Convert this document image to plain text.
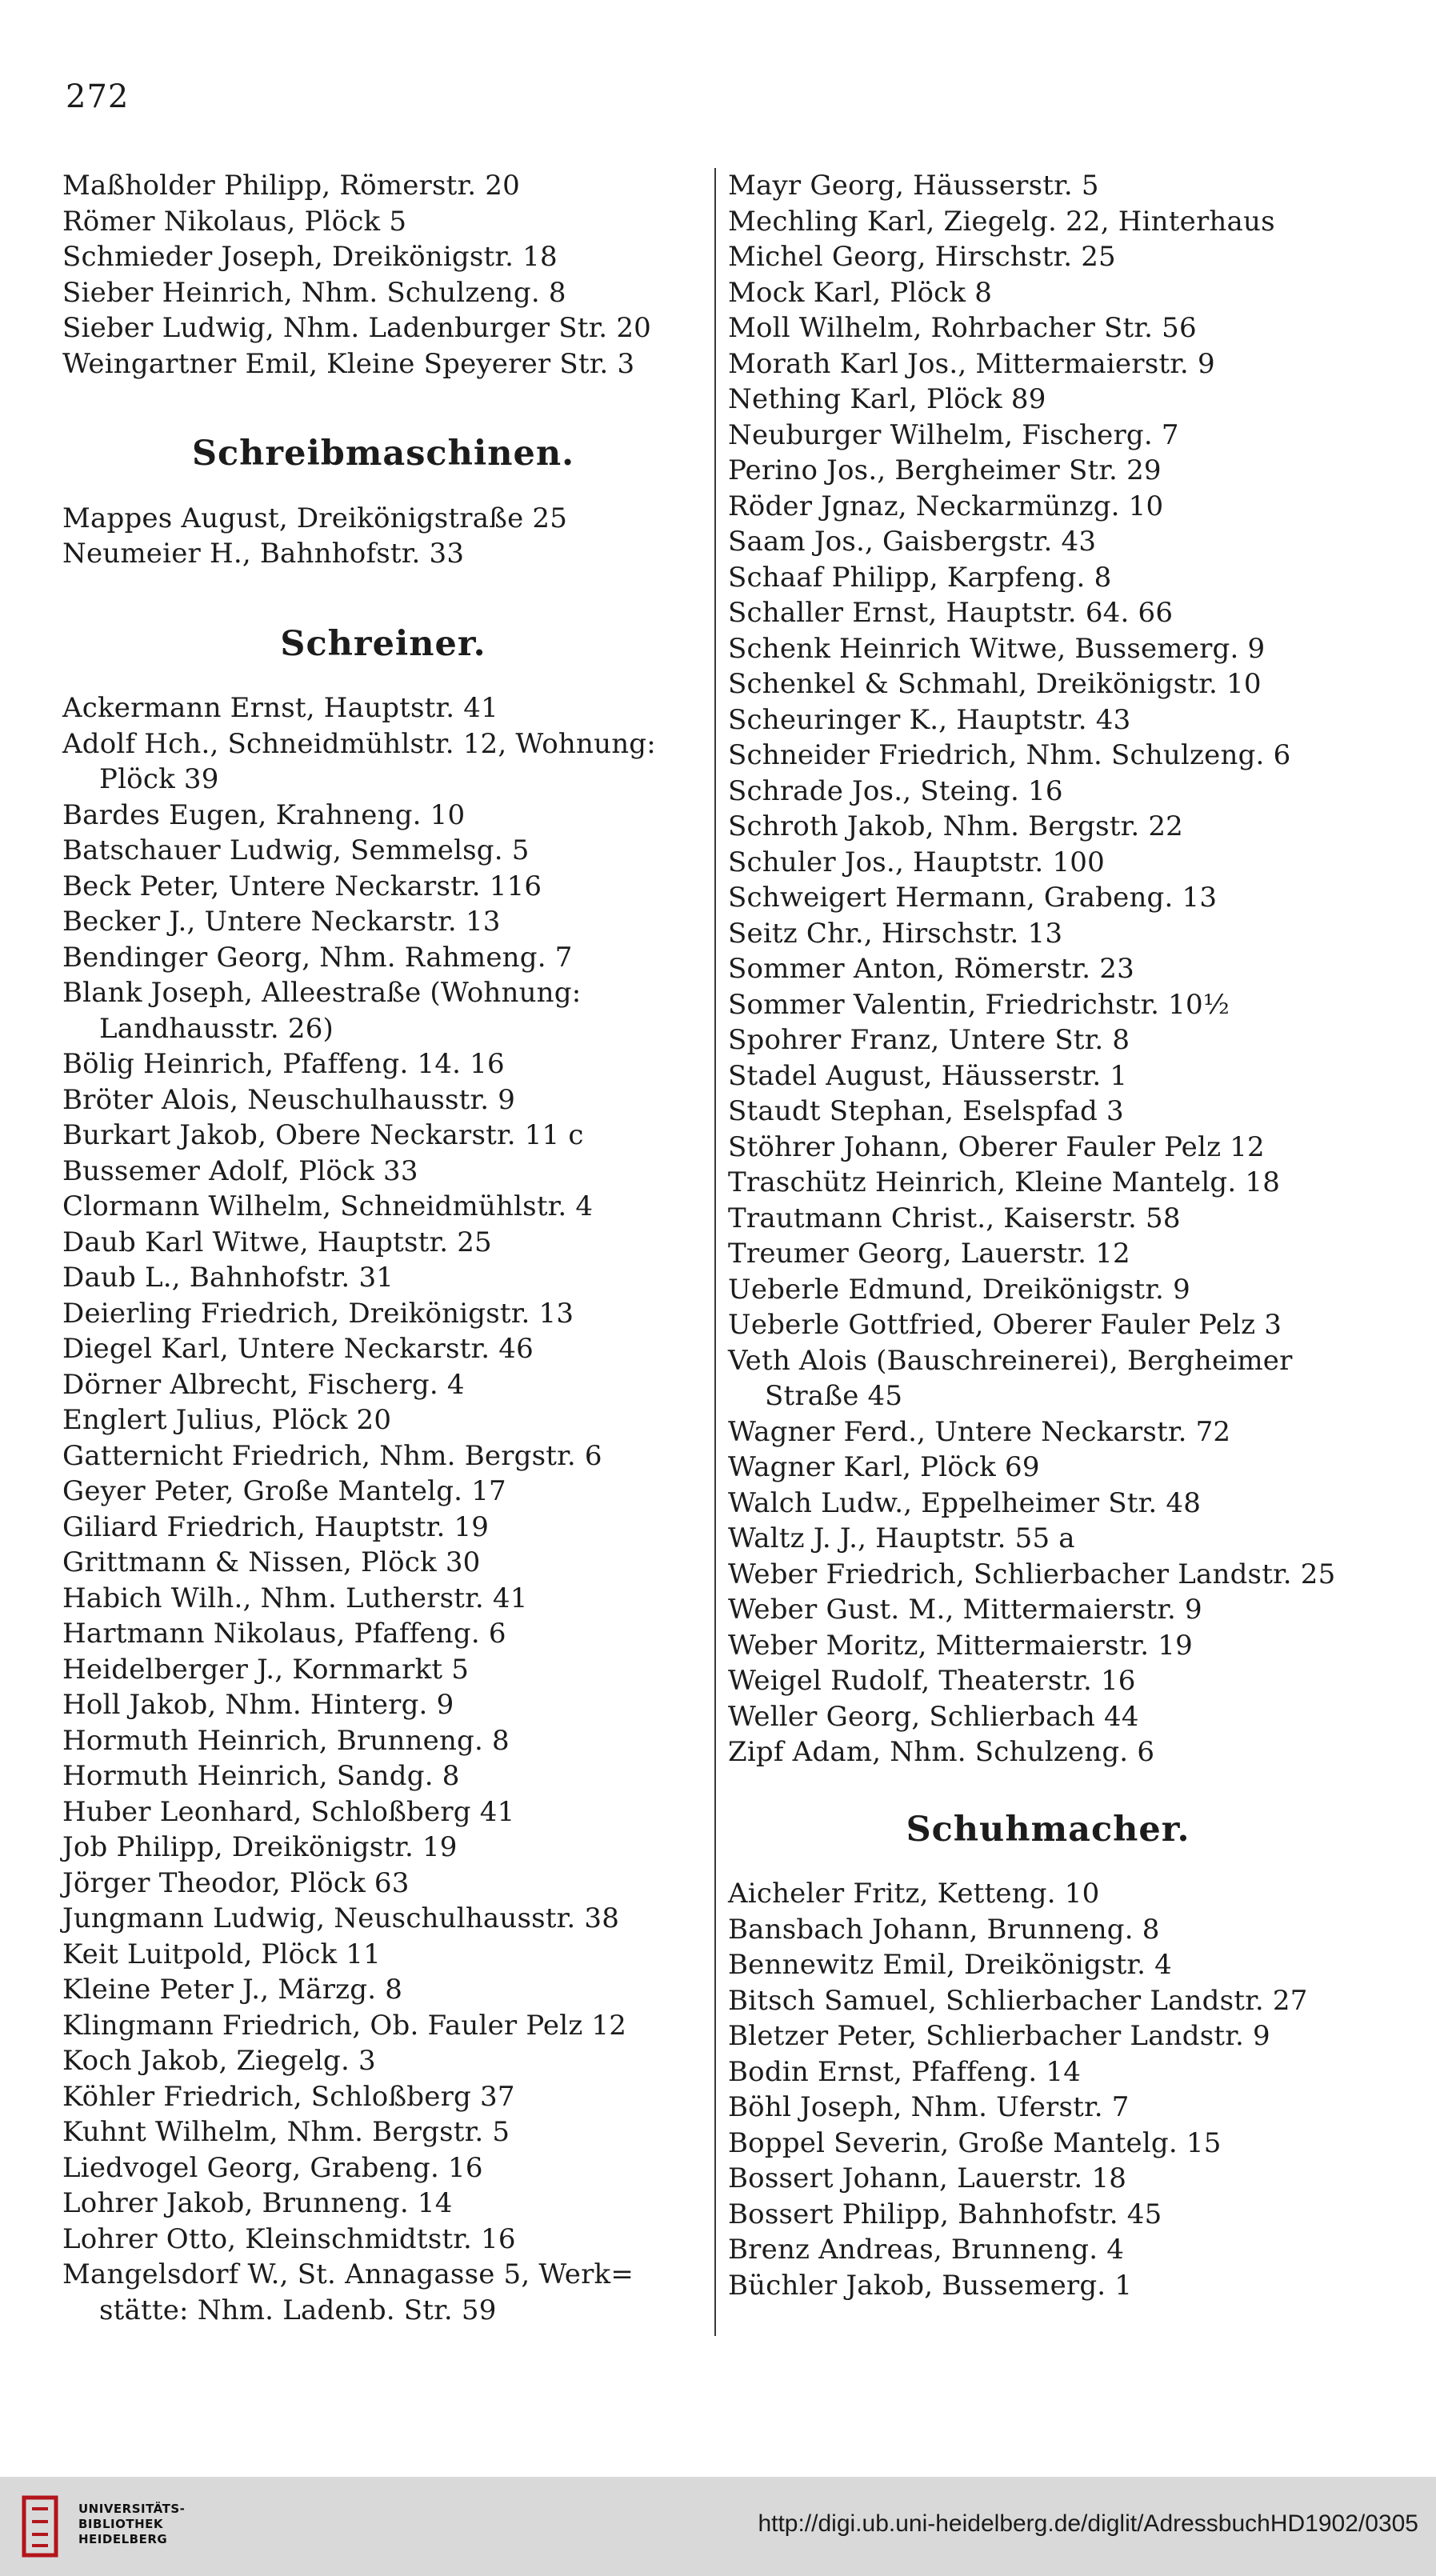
272
Maßholder Philipp, Römerstr. 20
Römer Nikolaus, Plöck 5
Schmieder Joseph, Dreikönigstr. 18
Sieber Heinrich, Nhm. Schulzeng. 8
Sieber Ludwig, Nhm. Ladenburger Str. 20
Weingartner Emil, Kleine Speyerer Str. 3
Schreibmaschinen.
Mappes August, Dreikönigstraße 25
Neumeier H., Bahnhofstr. 33
Schreiner.
Ackermann Ernst, Hauptstr. 41
Adolf Hch., Schneidmühlstr. 12, Wohnung:
Plöck 39
Bardes Eugen, Krahneng. 10
Batschauer Ludwig, Semmelsg. 5
Beck Peter, Untere Neckarstr. 116
Becker J., Untere Neckarstr. 13
Bendinger Georg, Nhm. Rahmeng. 7
Blank Joseph, Alleestraße (Wohnung:
Landhausstr. 26)
Bölig Heinrich, Pfaffeng. 14. 16
Bröter Alois, Neuschulhausstr. 9
Burkart Jakob, Obere Neckarstr. 11 c
Bussemer Adolf, Plöck 33
Clormann Wilhelm, Schneidmühlstr. 4
Daub Karl Witwe, Hauptstr. 25
Daub L., Bahnhofstr. 31
Deierling Friedrich, Dreikönigstr. 13
Diegel Karl, Untere Neckarstr. 46
Dörner Albrecht, Fischerg. 4
Englert Julius, Plöck 20
Gatternicht Friedrich, Nhm. Bergstr. 6
Geyer Peter, Große Mantelg. 17
Giliard Friedrich, Hauptstr. 19
Grittmann & Nissen, Plöck 30
Habich Wilh., Nhm. Lutherstr. 41
Hartmann Nikolaus, Pfaffeng. 6
Heidelberger J., Kornmarkt 5
Holl Jakob, Nhm. Hinterg. 9
Hormuth Heinrich, Brunneng. 8
Hormuth Heinrich, Sandg. 8
Huber Leonhard, Schloßberg 41
Job Philipp, Dreikönigstr. 19
Jörger Theodor, Plöck 63
Jungmann Ludwig, Neuschulhausstr. 38
Keit Luitpold, Plöck 11
Kleine Peter J., Märzg. 8
Klingmann Friedrich, Ob. Fauler Pelz 12
Koch Jakob, Ziegelg. 3
Köhler Friedrich, Schloßberg 37
Kuhnt Wilhelm, Nhm. Bergstr. 5
Liedvogel Georg, Grabeng. 16
Lohrer Jakob, Brunneng. 14
Lohrer Otto, Kleinschmidtstr. 16
Mangelsdorf W., St. Annagasse 5, Werk=
stätte: Nhm. Ladenb. Str. 59
Mayr Georg, Häusserstr. 5
Mechling Karl, Ziegelg. 22, Hinterhaus
Michel Georg, Hirschstr. 25
Mock Karl, Plöck 8
Moll Wilhelm, Rohrbacher Str. 56
Morath Karl Jos., Mittermaierstr. 9
Nething Karl, Plöck 89
Neuburger Wilhelm, Fischerg. 7
Perino Jos., Bergheimer Str. 29
Röder Jgnaz, Neckarmünzg. 10
Saam Jos., Gaisbergstr. 43
Schaaf Philipp, Karpfeng. 8
Schaller Ernst, Hauptstr. 64. 66
Schenk Heinrich Witwe, Bussemerg. 9
Schenkel & Schmahl, Dreikönigstr. 10
Scheuringer K., Hauptstr. 43
Schneider Friedrich, Nhm. Schulzeng. 6
Schrade Jos., Steing. 16
Schroth Jakob, Nhm. Bergstr. 22
Schuler Jos., Hauptstr. 100
Schweigert Hermann, Grabeng. 13
Seitz Chr., Hirschstr. 13
Sommer Anton, Römerstr. 23
Sommer Valentin, Friedrichstr. 10½
Spohrer Franz, Untere Str. 8
Stadel August, Häusserstr. 1
Staudt Stephan, Eselspfad 3
Stöhrer Johann, Oberer Fauler Pelz 12
Traschütz Heinrich, Kleine Mantelg. 18
Trautmann Christ., Kaiserstr. 58
Treumer Georg, Lauerstr. 12
Ueberle Edmund, Dreikönigstr. 9
Ueberle Gottfried, Oberer Fauler Pelz 3
Veth Alois (Bauschreinerei), Bergheimer
Straße 45
Wagner Ferd., Untere Neckarstr. 72
Wagner Karl, Plöck 69
Walch Ludw., Eppelheimer Str. 48
Waltz J. J., Hauptstr. 55 a
Weber Friedrich, Schlierbacher Landstr. 25
Weber Gust. M., Mittermaierstr. 9
Weber Moritz, Mittermaierstr. 19
Weigel Rudolf, Theaterstr. 16
Weller Georg, Schlierbach 44
Zipf Adam, Nhm. Schulzeng. 6
Schuhmacher.
Aicheler Fritz, Ketteng. 10
Bansbach Johann, Brunneng. 8
Bennewitz Emil, Dreikönigstr. 4
Bitsch Samuel, Schlierbacher Landstr. 27
Bletzer Peter, Schlierbacher Landstr. 9
Bodin Ernst, Pfaffeng. 14
Böhl Joseph, Nhm. Uferstr. 7
Boppel Severin, Große Mantelg. 15
Bossert Johann, Lauerstr. 18
Bossert Philipp, Bahnhofstr. 45
Brenz Andreas, Brunneng. 4
Büchler Jakob, Bussemerg. 1
UNIVERSITÄTS-
BIBLIOTHEK
HEIDELBERG
http://digi.ub.uni-heidelberg.de/diglit/AdressbuchHD1902/0305
